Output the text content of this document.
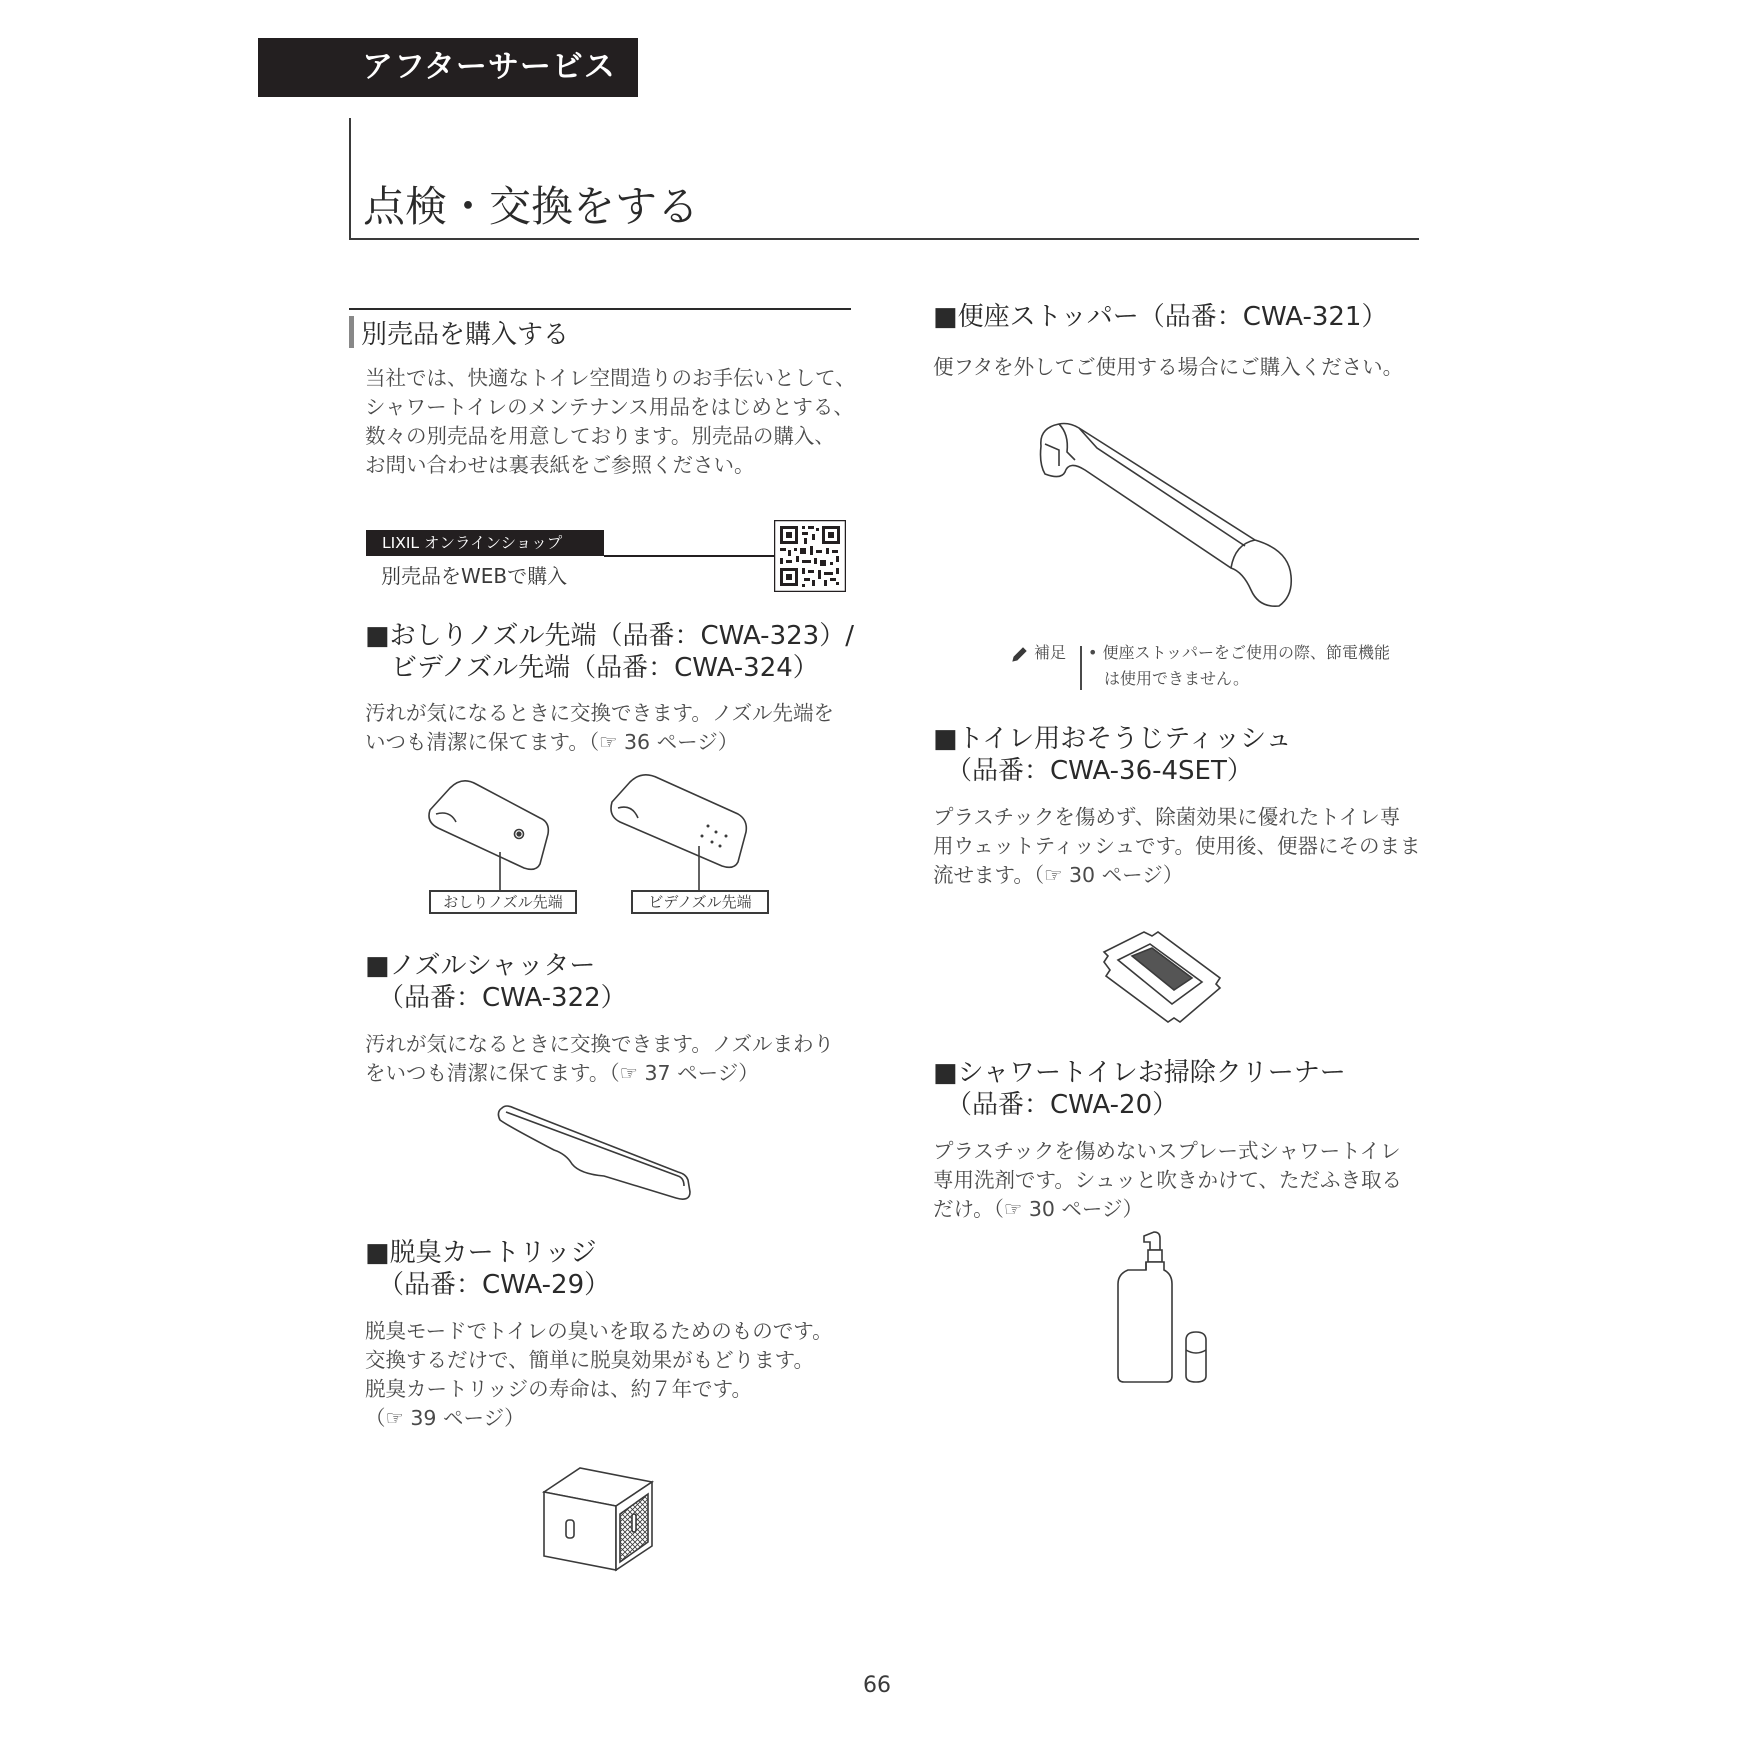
アフターサービス
点検・交換をする
別売品を購入する
当社では、快適なトイレ空間造りのお手伝いとして、
シャワートイレのメンテナンス用品をはじめとする、
数々の別売品を用意しております。別売品の購入、
お問い合わせは裏表紙をご参照ください。
LIXIL オンラインショップ
別売品をWEBで購入
■おしりノズル先端（品番：CWA-323）/
　ビデノズル先端（品番：CWA-324）
汚れが気になるときに交換できます。ノズル先端を
いつも清潔に保てます。（☞ 36 ページ）
おしりノズル先端	ビデノズル先端
■ノズルシャッター
　（品番：CWA-322）
汚れが気になるときに交換できます。ノズルまわり
をいつも清潔に保てます。（☞ 37 ページ）
■脱臭カートリッジ
　（品番：CWA-29）
脱臭モードでトイレの臭いを取るためのものです。
交換するだけで、簡単に脱臭効果がもどります。
脱臭カートリッジの寿命は、約７年です。
（☞ 39 ページ）
■便座ストッパー（品番：CWA-321）
便フタを外してご使用する場合にご購入ください。
補足 • 便座ストッパーをご使用の際、節電機能
　は使用できません。
■トイレ用おそうじティッシュ
　（品番：CWA-36-4SET）
プラスチックを傷めず、除菌効果に優れたトイレ専
用ウェットティッシュです。使用後、便器にそのまま
流せます。（☞ 30 ページ）
■シャワートイレお掃除クリーナー
　（品番：CWA-20）
プラスチックを傷めないスプレー式シャワートイレ
専用洗剤です。シュッと吹きかけて、ただふき取る
だけ。（☞ 30 ページ）
66
